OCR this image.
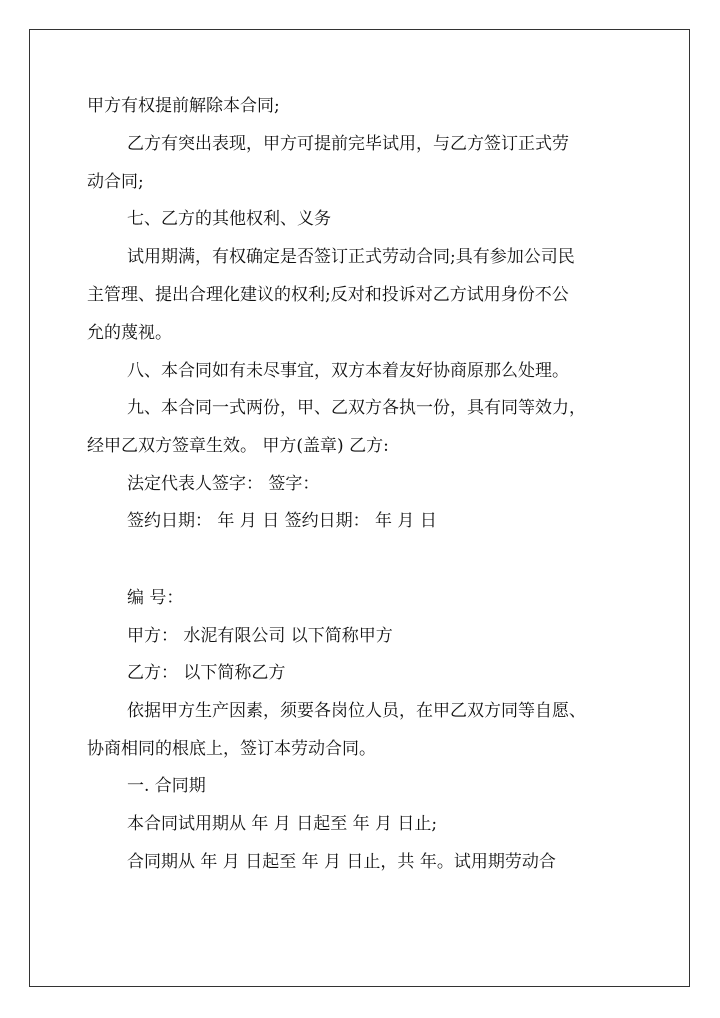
甲方有权提前解除本合同;
乙方有突出表现，甲方可提前完毕试用，与乙方签订正式劳
动合同;
七、乙方的其他权利、义务
试用期满，有权确定是否签订正式劳动合同;具有参加公司民
主管理、提出合理化建议的权利;反对和投诉对乙方试用身份不公
允的蔑视。
八、本合同如有未尽事宜，双方本着友好协商原那么处理。
九、本合同一式两份，甲、乙双方各执一份，具有同等效力，
经甲乙双方签章生效。 甲方(盖章) 乙方:
法定代表人签字： 签字：
签约日期： 年 月 日 签约日期： 年 月 日
编 号：
甲方： 水泥有限公司 以下简称甲方
乙方： 以下简称乙方
依据甲方生产因素，须要各岗位人员，在甲乙双方同等自愿、
协商相同的根底上，签订本劳动合同。
一. 合同期
本合同试用期从 年 月 日起至 年 月 日止;
合同期从 年 月 日起至 年 月 日止，共 年。试用期劳动合
